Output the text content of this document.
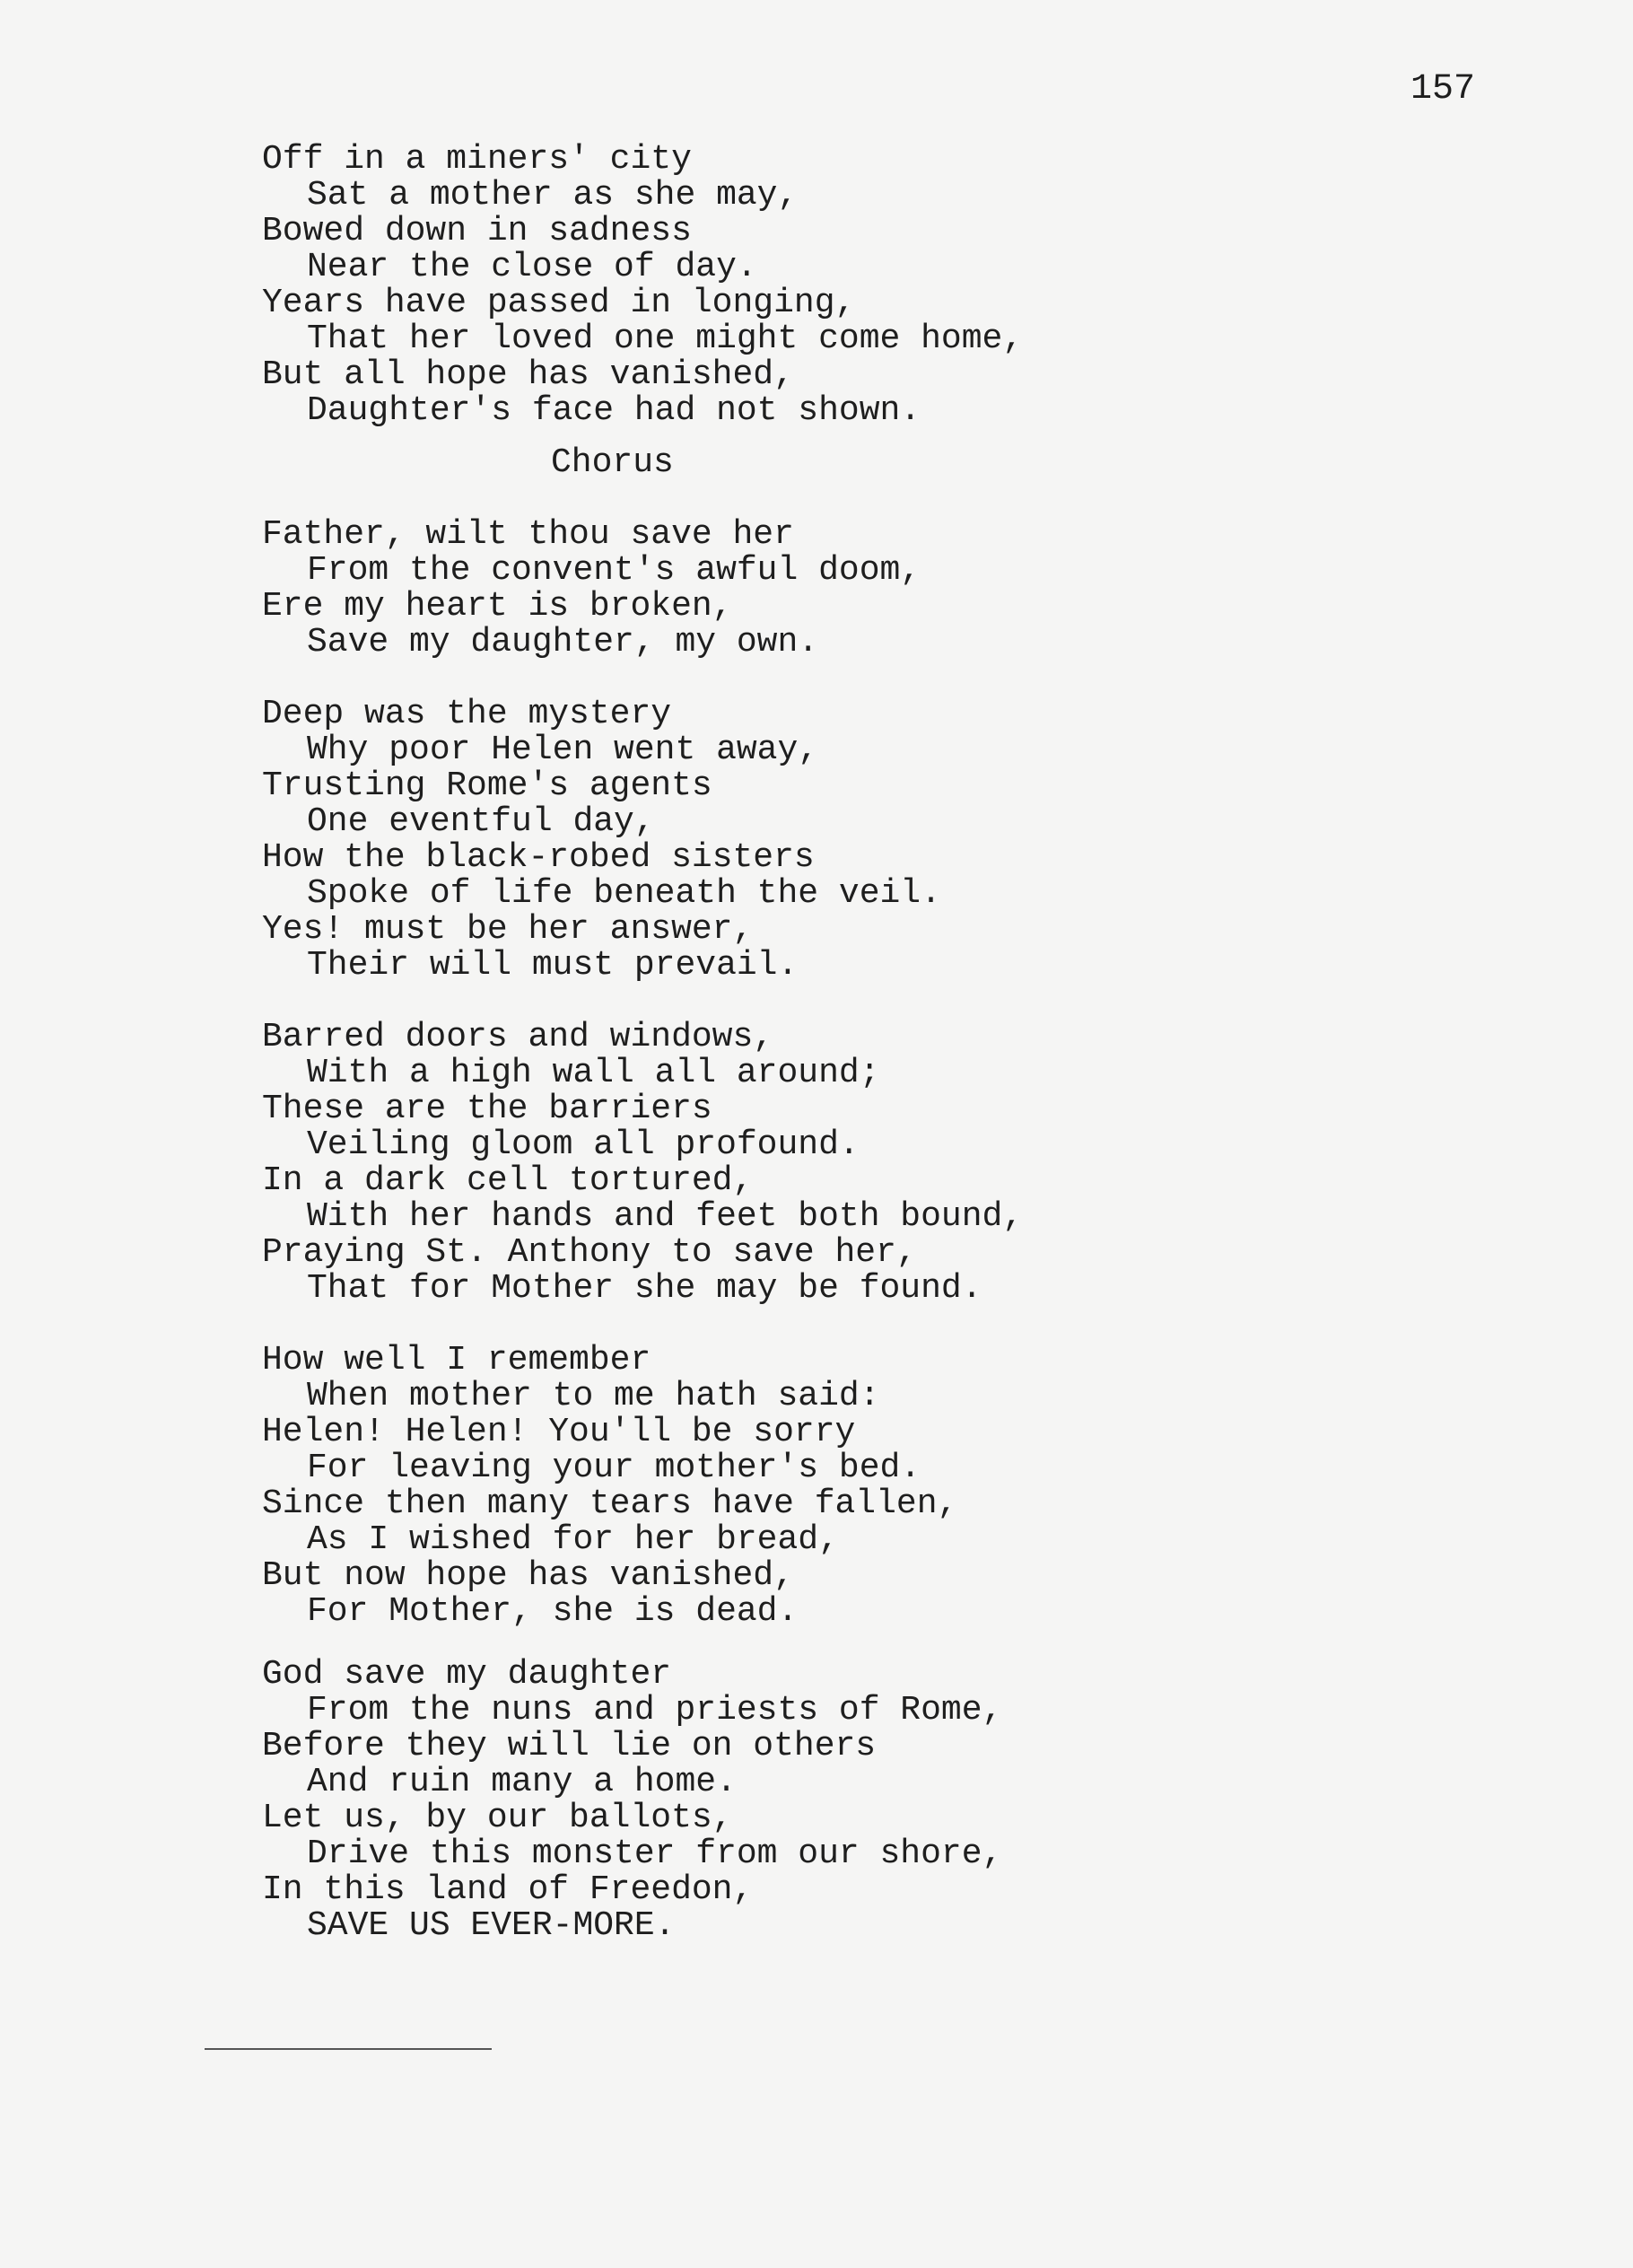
157
Off in a miners' city
Sat a mother as she may,
Bowed down in sadness
Near the close of day.
Years have passed in longing,
That her loved one might come home,
But all hope has vanished,
Daughter's face had not shown.
Chorus
Father, wilt thou save her
From the convent's awful doom,
Ere my heart is broken,
Save my daughter, my own.
Deep was the mystery
Why poor Helen went away,
Trusting Rome's agents
One eventful day,
How the black-robed sisters
Spoke of life beneath the veil.
Yes! must be her answer,
Their will must prevail.
Barred doors and windows,
With a high wall all around;
These are the barriers
Veiling gloom all profound.
In a dark cell tortured,
With her hands and feet both bound,
Praying St. Anthony to save her,
That for Mother she may be found.
How well I remember
When mother to me hath said:
Helen! Helen! You'll be sorry
For leaving your mother's bed.
Since then many tears have fallen,
As I wished for her bread,
But now hope has vanished,
For Mother, she is dead.
God save my daughter
From the nuns and priests of Rome,
Before they will lie on others
And ruin many a home.
Let us, by our ballots,
Drive this monster from our shore,
In this land of Freedon,
SAVE US EVER-MORE.
